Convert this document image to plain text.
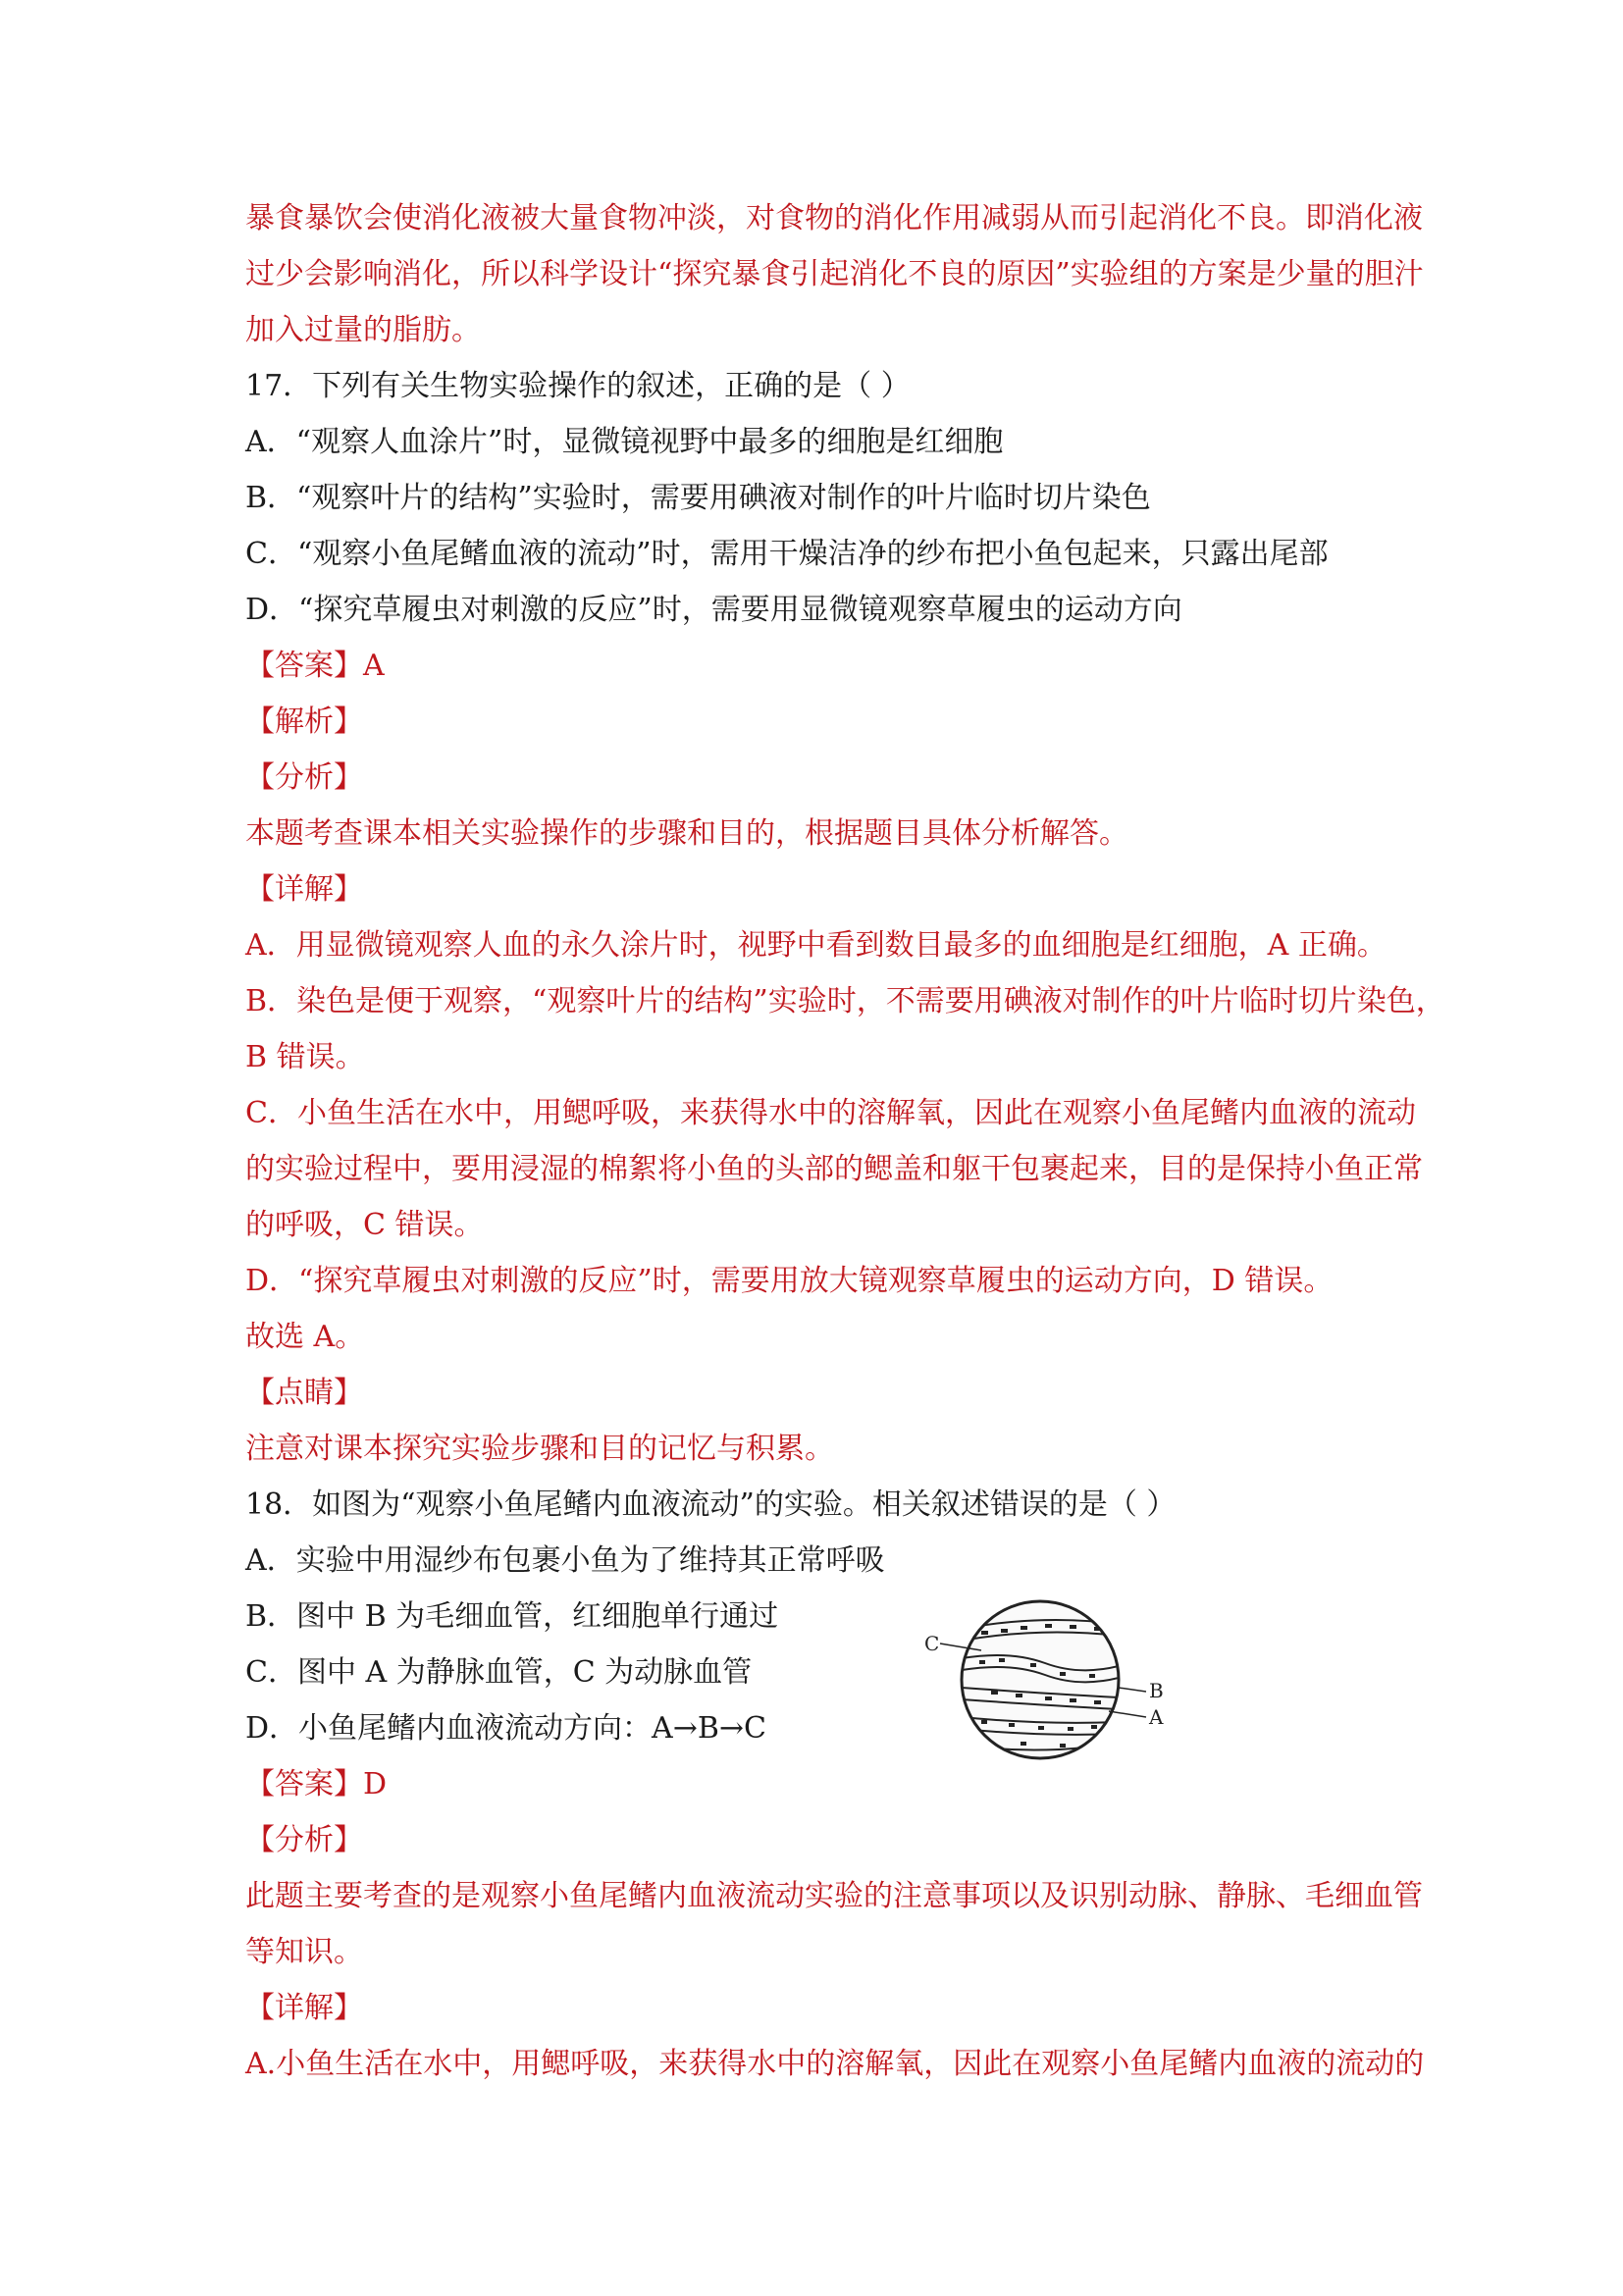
暴食暴饮会使消化液被大量食物冲淡，对食物的消化作用减弱从而引起消化不良。即消化液
过少会影响消化，所以科学设计“探究暴食引起消化不良的原因”实验组的方案是少量的胆汁
加入过量的脂肪。
17．下列有关生物实验操作的叙述，正确的是（ ）
A．“观察人血涂片”时，显微镜视野中最多的细胞是红细胞
B．“观察叶片的结构”实验时，需要用碘液对制作的叶片临时切片染色
C．“观察小鱼尾鳍血液的流动”时，需用干燥洁净的纱布把小鱼包起来，只露出尾部
D．“探究草履虫对刺激的反应”时，需要用显微镜观察草履虫的运动方向
【答案】A
【解析】
【分析】
本题考查课本相关实验操作的步骤和目的，根据题目具体分析解答。
【详解】
A．用显微镜观察人血的永久涂片时，视野中看到数目最多的血细胞是红细胞，A 正确。
B．染色是便于观察，“观察叶片的结构”实验时，不需要用碘液对制作的叶片临时切片染色，
B 错误。
C．小鱼生活在水中，用鳃呼吸，来获得水中的溶解氧，因此在观察小鱼尾鳍内血液的流动
的实验过程中，要用浸湿的棉絮将小鱼的头部的鳃盖和躯干包裹起来，目的是保持小鱼正常
的呼吸，C 错误。
D．“探究草履虫对刺激的反应”时，需要用放大镜观察草履虫的运动方向，D 错误。
故选 A。
【点睛】
注意对课本探究实验步骤和目的记忆与积累。
18．如图为“观察小鱼尾鳍内血液流动”的实验。相关叙述错误的是（ ）
A．实验中用湿纱布包裹小鱼为了维持其正常呼吸
B．图中 B 为毛细血管，红细胞单行通过
C．图中 A 为静脉血管，C 为动脉血管
D．小鱼尾鳍内血液流动方向：A→B→C
C
B
A
【答案】D
【分析】
此题主要考查的是观察小鱼尾鳍内血液流动实验的注意事项以及识别动脉、静脉、毛细血管
等知识。
【详解】
A.小鱼生活在水中，用鳃呼吸，来获得水中的溶解氧，因此在观察小鱼尾鳍内血液的流动的
